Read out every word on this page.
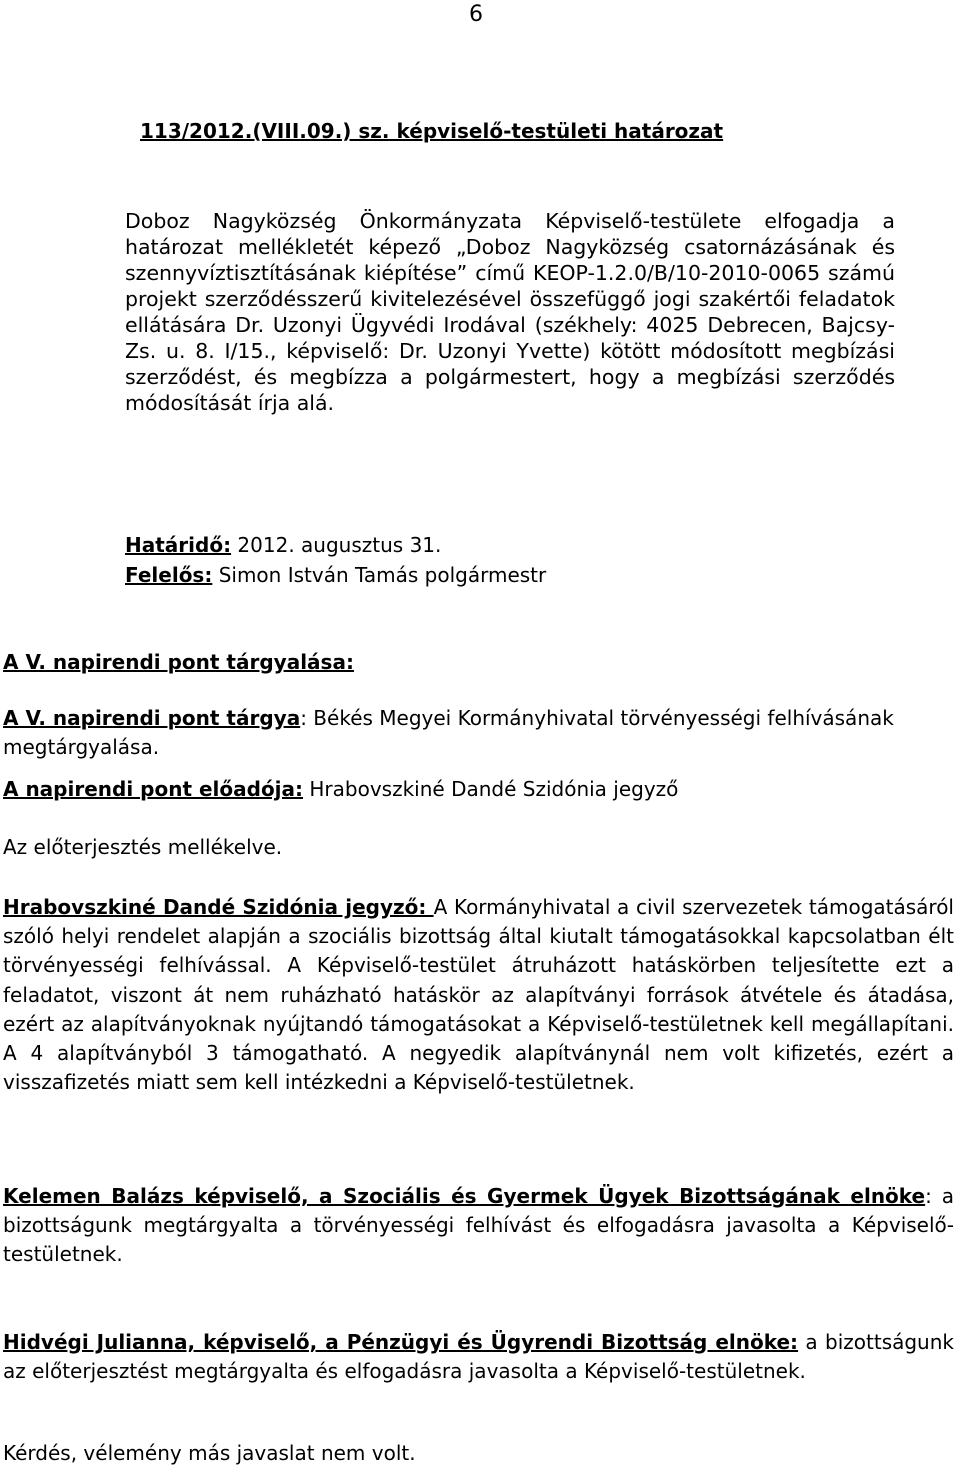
6
113/2012.(VIII.09.) sz. képviselő-testületi határozat
Doboz Nagyközség Önkormányzata Képviselő-testülete elfogadja a határozat mellékletét képező „Doboz Nagyközség csatornázásának és szennyvíztisztításának kiépítése” című KEOP-1.2.0/B/10-2010-0065 számú projekt szerződésszerű kivitelezésével összefüggő jogi szakértői feladatok ellátására Dr. Uzonyi Ügyvédi Irodával (székhely: 4025 Debrecen, Bajcsy-Zs. u. 8. I/15., képviselő: Dr. Uzonyi Yvette) kötött módosított megbízási szerződést, és megbízza a polgármestert, hogy a megbízási szerződés módosítását írja alá.
Határidő: 2012. augusztus 31.
Felelős: Simon István Tamás polgármestr
A V. napirendi pont tárgyalása:
A V. napirendi pont tárgya: Békés Megyei Kormányhivatal törvényességi felhívásának megtárgyalása.
A napirendi pont előadója: Hrabovszkiné Dandé Szidónia jegyző
Az előterjesztés mellékelve.
Hrabovszkiné Dandé Szidónia jegyző: A Kormányhivatal a civil szervezetek támogatásáról szóló helyi rendelet alapján a szociális bizottság által kiutalt támogatásokkal kapcsolatban élt törvényességi felhívással. A Képviselő-testület átruházott hatáskörben teljesítette ezt a feladatot, viszont át nem ruházható hatáskör az alapítványi források átvétele és átadása, ezért az alapítványoknak nyújtandó támogatásokat a Képviselő-testületnek kell megállapítani. A 4 alapítványból 3 támogatható. A negyedik alapítványnál nem volt kifizetés, ezért a visszafizetés miatt sem kell intézkedni a Képviselő-testületnek.
Kelemen Balázs képviselő, a Szociális és Gyermek Ügyek Bizottságának elnöke: a bizottságunk megtárgyalta a törvényességi felhívást és elfogadásra javasolta a Képviselő-testületnek.
Hidvégi Julianna, képviselő, a Pénzügyi és Ügyrendi Bizottság elnöke: a bizottságunk az előterjesztést megtárgyalta és elfogadásra javasolta a Képviselő-testületnek.
Kérdés, vélemény más javaslat nem volt.
